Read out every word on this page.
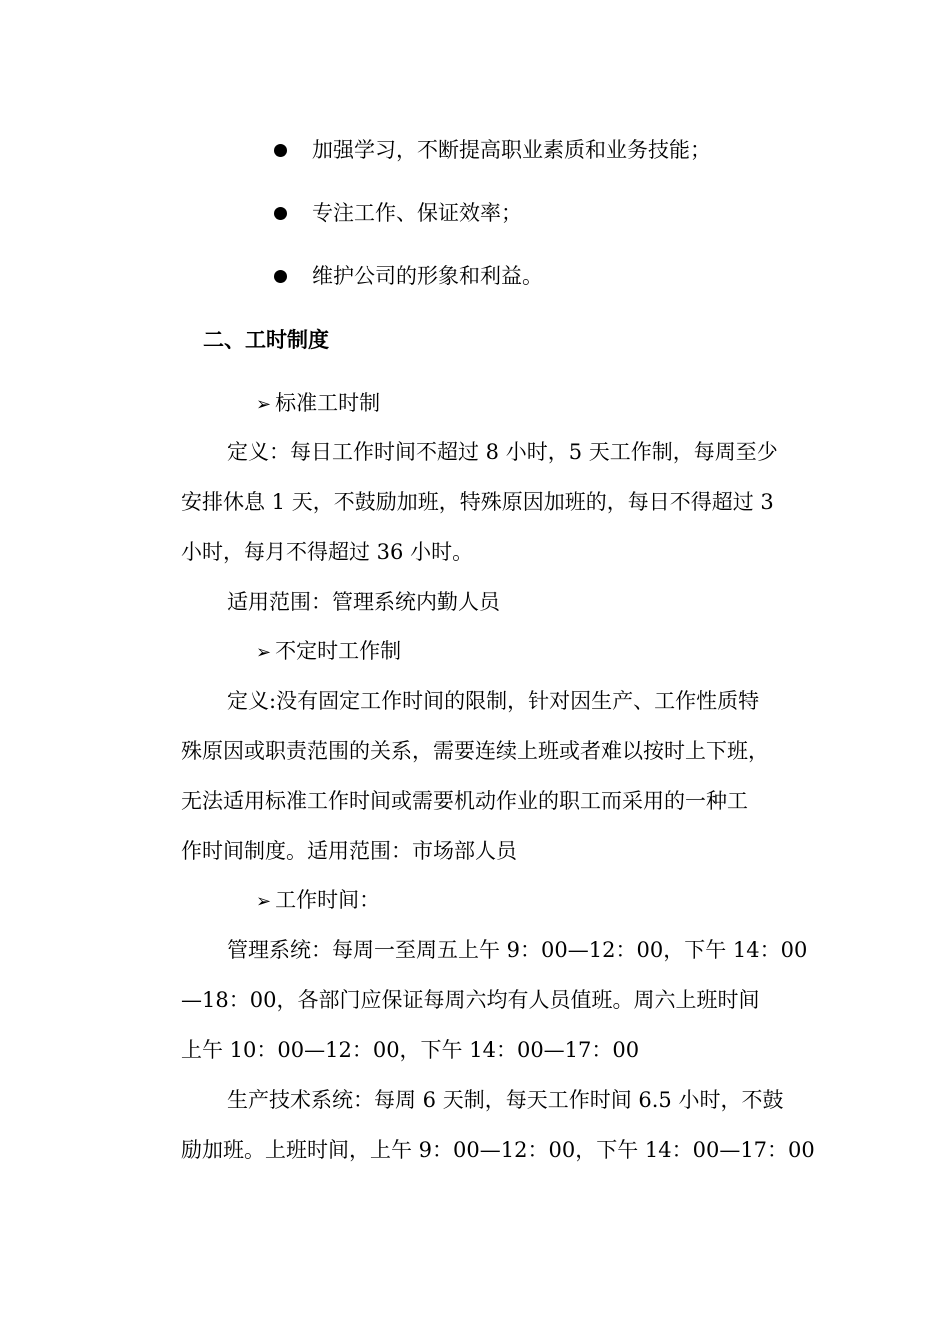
加强学习，不断提高职业素质和业务技能；
专注工作、保证效率；
维护公司的形象和利益。
二、工时制度
➢ 标准工时制
定义：每日工作时间不超过 8 小时，5 天工作制，每周至少
安排休息 1 天，不鼓励加班，特殊原因加班的，每日不得超过 3
小时，每月不得超过 36 小时。
适用范围：管理系统内勤人员
➢ 不定时工作制
定义:没有固定工作时间的限制，针对因生产、工作性质特
殊原因或职责范围的关系，需要连续上班或者难以按时上下班，
无法适用标准工作时间或需要机动作业的职工而采用的一种工
作时间制度。适用范围：市场部人员
➢ 工作时间：
管理系统：每周一至周五上午 9：00—12：00，下午 14：00
—18：00，各部门应保证每周六均有人员值班。周六上班时间
上午 10：00—12：00，下午 14：00—17：00
生产技术系统：每周 6 天制，每天工作时间 6.5 小时，不鼓
励加班。上班时间，上午 9：00—12：00，下午 14：00—17：00
